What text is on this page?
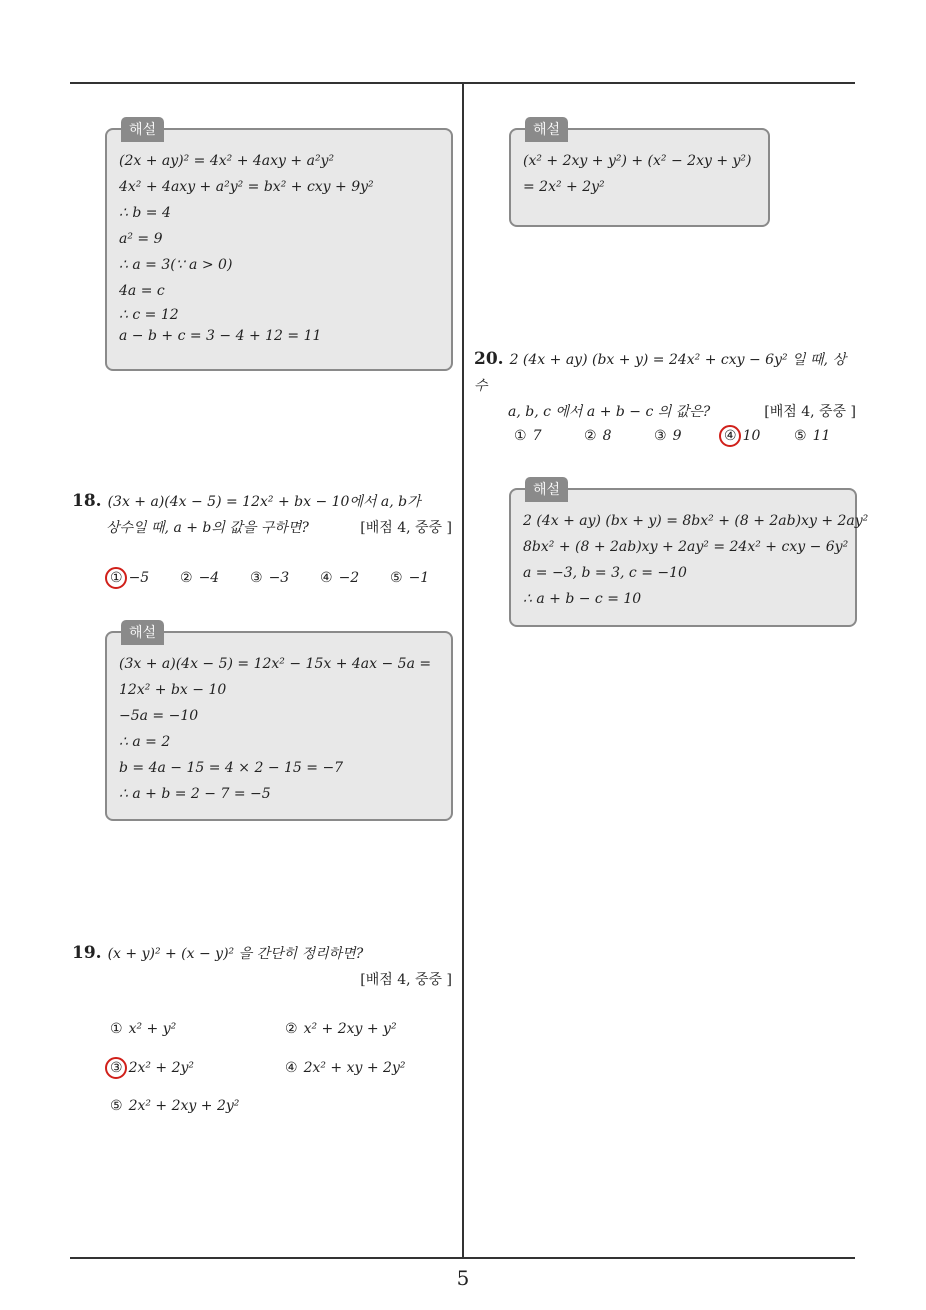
해설
(2x + ay)² = 4x² + 4axy + a²y²
4x² + 4axy + a²y² = bx² + cxy + 9y²
∴ b = 4
a² = 9
∴ a = 3(∵ a > 0)
4a = c
∴ c = 12
a − b + c = 3 − 4 + 12 = 11
18. (3x + a)(4x − 5) = 12x² + bx − 10에서 a, b가
상수일 때, a + b의 값을 구하면?	[배점 4, 중중 ]
① −5 ② −4 ③ −3 ④ −2 ⑤ −1
해설
(3x + a)(4x − 5) = 12x² − 15x + 4ax − 5a =
12x² + bx − 10
−5a = −10
∴ a = 2
b = 4a − 15 = 4 × 2 − 15 = −7
∴ a + b = 2 − 7 = −5
19. (x + y)² + (x − y)² 을 간단히 정리하면?
[배점 4, 중중 ]
① x² + y²	② x² + 2xy + y²
③ 2x² + 2y²	④ 2x² + xy + 2y²
⑤ 2x² + 2xy + 2y²
해설
(x² + 2xy + y²) + (x² − 2xy + y²)
= 2x² + 2y²
20. 2 (4x + ay) (bx + y) = 24x² + cxy − 6y² 일 때, 상수
a, b, c 에서 a + b − c 의 값은?	[배점 4, 중중 ]
① 7	② 8	③ 9	④ 10 ⑤ 11
해설
2 (4x + ay) (bx + y) = 8bx² + (8 + 2ab)xy + 2ay²
8bx² + (8 + 2ab)xy + 2ay² = 24x² + cxy − 6y²
a = −3, b = 3, c = −10
∴ a + b − c = 10
5
